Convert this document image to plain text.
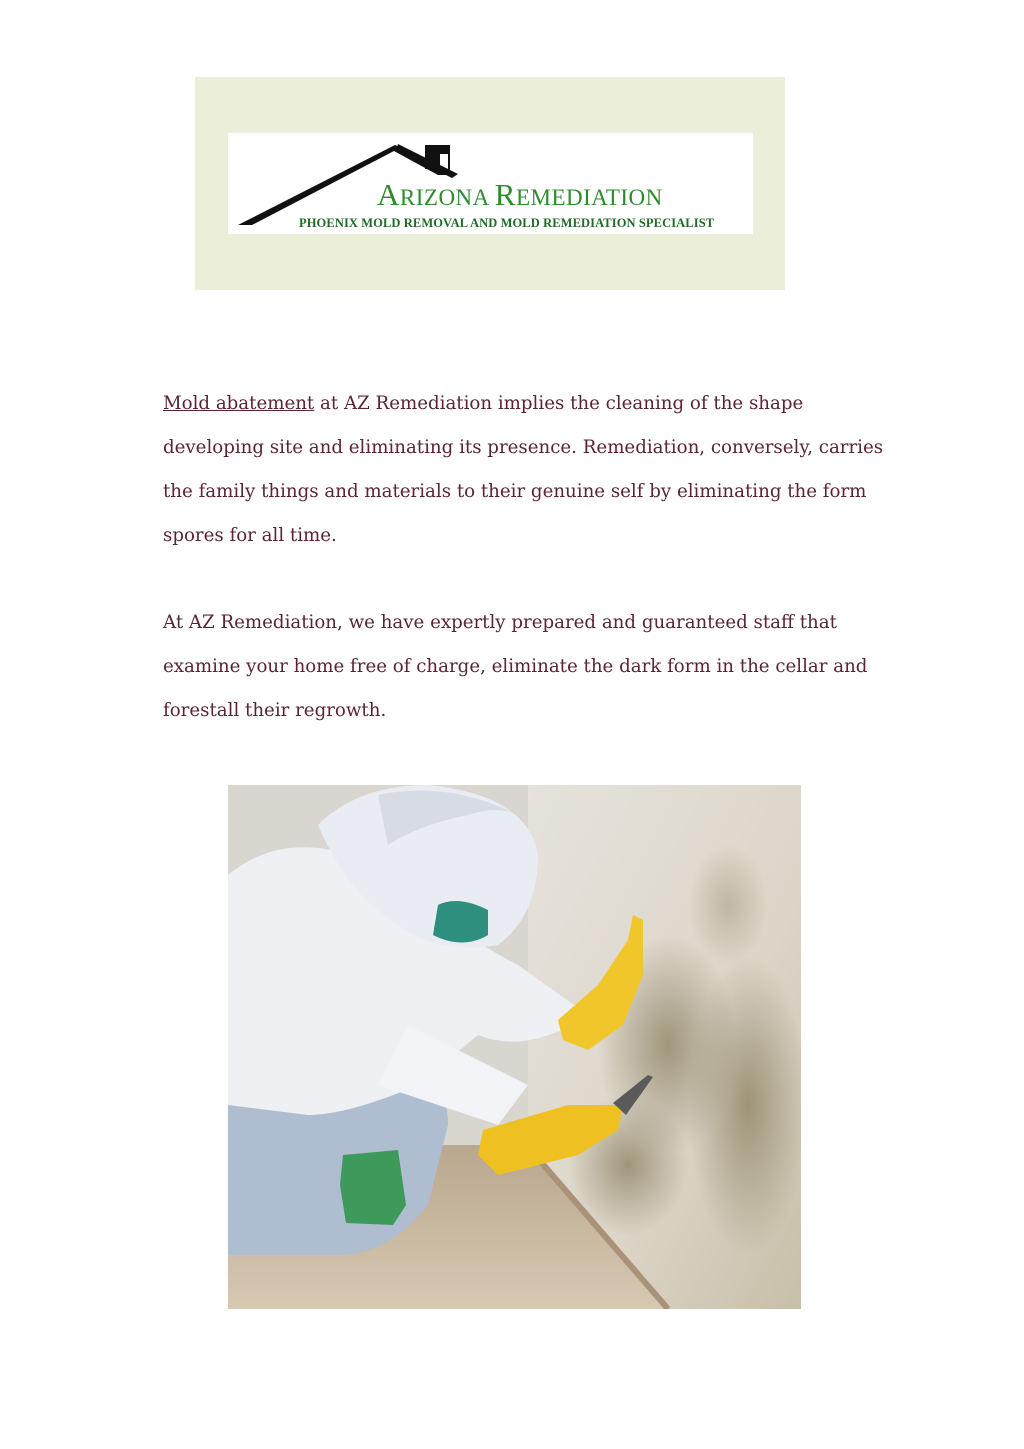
ARIZONA REMEDIATION

PHOENIX MOLD REMOVAL AND MOLD REMEDIATION SPECIALIST

Mold abatement at AZ Remediation implies the cleaning of the shape developing site and eliminating its presence. Remediation, conversely, carries the family things and materials to their genuine self by eliminating the form spores for all time.

At AZ Remediation, we have expertly prepared and guaranteed staff that examine your home free of charge, eliminate the dark form in the cellar and forestall their regrowth.
